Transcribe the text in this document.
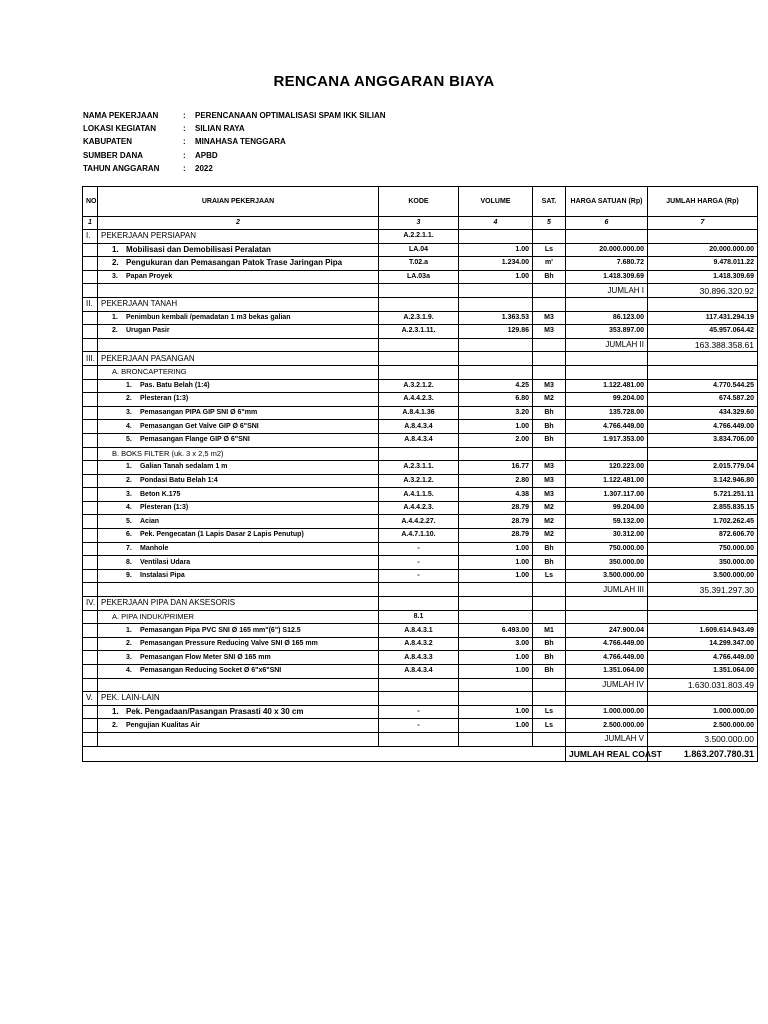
RENCANA ANGGARAN BIAYA
NAMA PEKERJAAN	: PERENCANAAN OPTIMALISASI SPAM IKK SILIAN
LOKASI KEGIATAN	: SILIAN RAYA
KABUPATEN	: MINAHASA TENGGARA
SUMBER DANA	: APBD
TAHUN ANGGARAN	: 2022
NO	URAIAN PEKERJAAN	KODE	VOLUME	SAT.	HARGA SATUAN (Rp)	JUMLAH HARGA (Rp)
1	2	3	4	5	6	7
I.	PEKERJAAN PERSIAPAN	A.2.2.1.1.				
	1. Mobilisasi dan Demobilisasi Peralatan	LA.04	1.00	Ls	20.000.000.00	20.000.000.00
	2. Pengukuran dan Pemasangan Patok Trase Jaringan Pipa	T.02.a	1.234.00	m'	7.680.72	9.478.011.22
	3. Papan Proyek	LA.03a	1.00	Bh	1.418.309.69	1.418.309.69
					JUMLAH I	30.896.320.92
II.	PEKERJAAN TANAH					
	1. Penimbun kembali /pemadatan 1 m3 bekas galian	A.2.3.1.9.	1.363.53	M3	86.123.00	117.431.294.19
	2. Urugan Pasir	A.2.3.1.11.	129.86	M3	353.897.00	45.957.064.42
					JUMLAH II	163.388.358.61
III.	PEKERJAAN PASANGAN					
	A. BRONCAPTERING					
	1. Pas. Batu Belah (1:4)	A.3.2.1.2.	4.25	M3	1.122.481.00	4.770.544.25
	2. Plesteran (1:3)	A.4.4.2.3.	6.80	M2	99.204.00	674.587.20
	3. Pemasangan PIPA GIP SNI Ø 6"mm	A.8.4.1.36	3.20	Bh	135.728.00	434.329.60
	4. Pemasangan Get Valve GIP Ø 6"SNI	A.8.4.3.4	1.00	Bh	4.766.449.00	4.766.449.00
	5. Pemasangan Flange GIP Ø 6"SNI	A.8.4.3.4	2.00	Bh	1.917.353.00	3.834.706.00
	B. BOKS FILTER (uk. 3 x 2,5 m2)					
	1. Galian Tanah sedalam 1 m	A.2.3.1.1.	16.77	M3	120.223.00	2.015.779.04
	2. Pondasi Batu Belah 1:4	A.3.2.1.2.	2.80	M3	1.122.481.00	3.142.946.80
	3. Beton K.175	A.4.1.1.5.	4.38	M3	1.307.117.00	5.721.251.11
	4. Plesteran (1:3)	A.4.4.2.3.	28.79	M2	99.204.00	2.855.835.15
	5. Acian	A.4.4.2.27.	28.79	M2	59.132.00	1.702.262.45
	6. Pek. Pengecatan (1 Lapis Dasar 2 Lapis Penutup)	A.4.7.1.10.	28.79	M2	30.312.00	872.606.70
	7. Manhole	-	1.00	Bh	750.000.00	750.000.00
	8. Ventilasi Udara	-	1.00	Bh	350.000.00	350.000.00
	9. Instalasi Pipa	-	1.00	Ls	3.500.000.00	3.500.000.00
					JUMLAH III	35.391.297.30
IV.	PEKERJAAN PIPA DAN AKSESORIS					
	A. PIPA INDUK/PRIMER	8.1				
	1. Pemasangan Pipa PVC SNI Ø 165 mm"(6") S12.5	A.8.4.3.1	6.493.00	M1	247.900.04	1.609.614.943.49
	2. Pemasangan Pressure Reducing Valve SNI Ø 165 mm	A.8.4.3.2	3.00	Bh	4.766.449.00	14.299.347.00
	3. Pemasangan Flow Meter SNI Ø 165 mm	A.8.4.3.3	1.00	Bh	4.766.449.00	4.766.449.00
	4. Pemasangan Reducing Socket Ø 6"x6"SNI	A.8.4.3.4	1.00	Bh	1.351.064.00	1.351.064.00
					JUMLAH IV	1.630.031.803.49
V.	PEK. LAIN-LAIN					
	1. Pek. Pengadaan/Pasangan Prasasti 40 x 30 cm	-	1.00	Ls	1.000.000.00	1.000.000.00
	2. Pengujian Kualitas Air	-	1.00	Ls	2.500.000.00	2.500.000.00
					JUMLAH V	3.500.000.00
					JUMLAH REAL COAST	1.863.207.780.31
